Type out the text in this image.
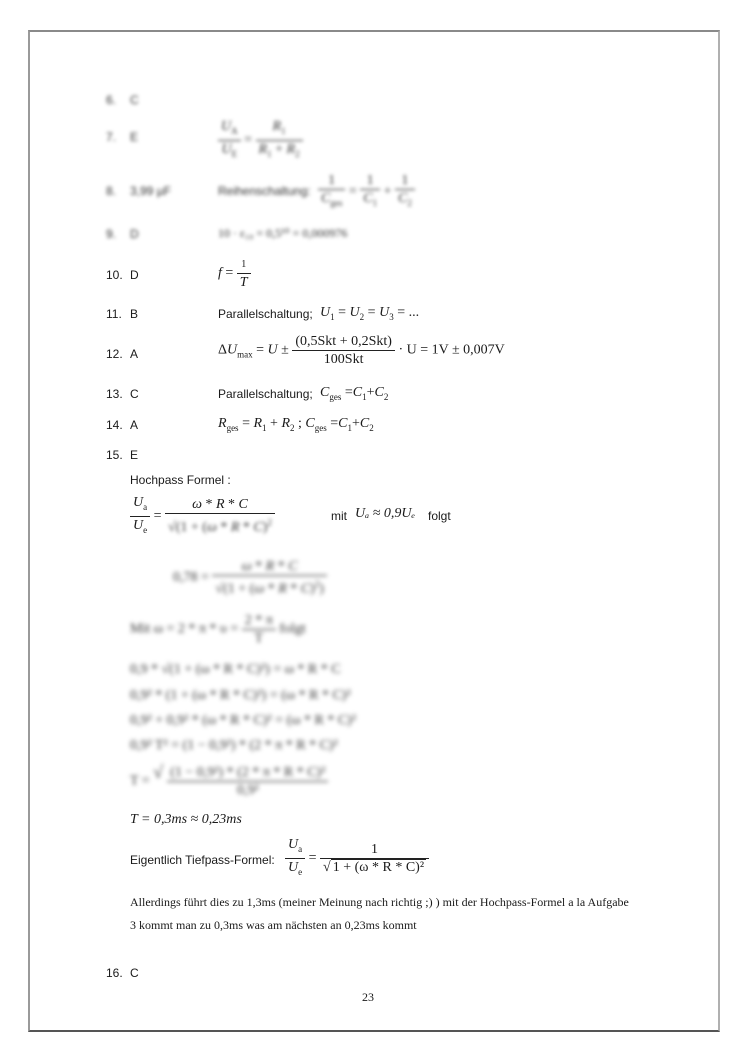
6. C
7. E	$\frac{U_A}{U_E} = \frac{R_1}{R_1 + R_2}$
8. 3,99 µF	Reihenschaltung: $\frac{1}{C_{ges}} = \frac{1}{C_1} + \frac{1}{C_2}$
9. D	10 · ε₁₀ = 0,5¹⁰ = 0,000976
10. D	$f = \frac{1}{T}$
11. B	Parallelschaltung; $U_1 = U_2 = U_3$ = ...
12. A	$\Delta U_{max} = U \pm \frac{\text{(0,5Skt + 0,2Skt)}}{\text{100Skt}} \cdot U = 1V \pm 0,007V$
13. C	Parallelschaltung; $C_{ges} =C_1+C_2$
14. A	$R_{ges} = R_1 + R_2$ ; $C_{ges} =C_1+C_2$
15. E
Hochpass Formel :
$\frac{U_a}{U_e} = \frac{\omega * R * C}{√(1 + (\omega * R * C)^2}$	mit Uₐ ≈ 0,9Uₑ folgt
$0,78 = \frac{\omega * R * C}{√(1 + (\omega * R * C)^2)}$
Mit $\omega = 2 * \pi * \upsilon = \frac{2 * \pi}{T}$ folgt
0,9 * √(1 + (ω * R * C)²) = ω * R * C
0,9² * (1 + (ω * R * C)²) = (ω * R * C)²
0,9² + 0,9² * (ω * R * C)² = (ω * R * C)²
0,9² T² = (1 − 0,9²) * (2 * π * R * C)²
T =
√ $\frac{\text{(1 − 0,9²) * (2 * π * R * C)²}}{\text{0,9²}}$
T = 0,3ms ≈ 0,23ms
Eigentlich Tiefpass-Formel: $\frac{U_a}{U_e} = \frac{1}{\text{√ 1 + (ω * R * C)²}}$
Allerdings führt dies zu 1,3ms (meiner Meinung nach richtig ;) ) mit der Hochpass-Formel a la Aufgabe
3 kommt man zu 0,3ms was am nächsten an 0,23ms kommt
16. C
23
